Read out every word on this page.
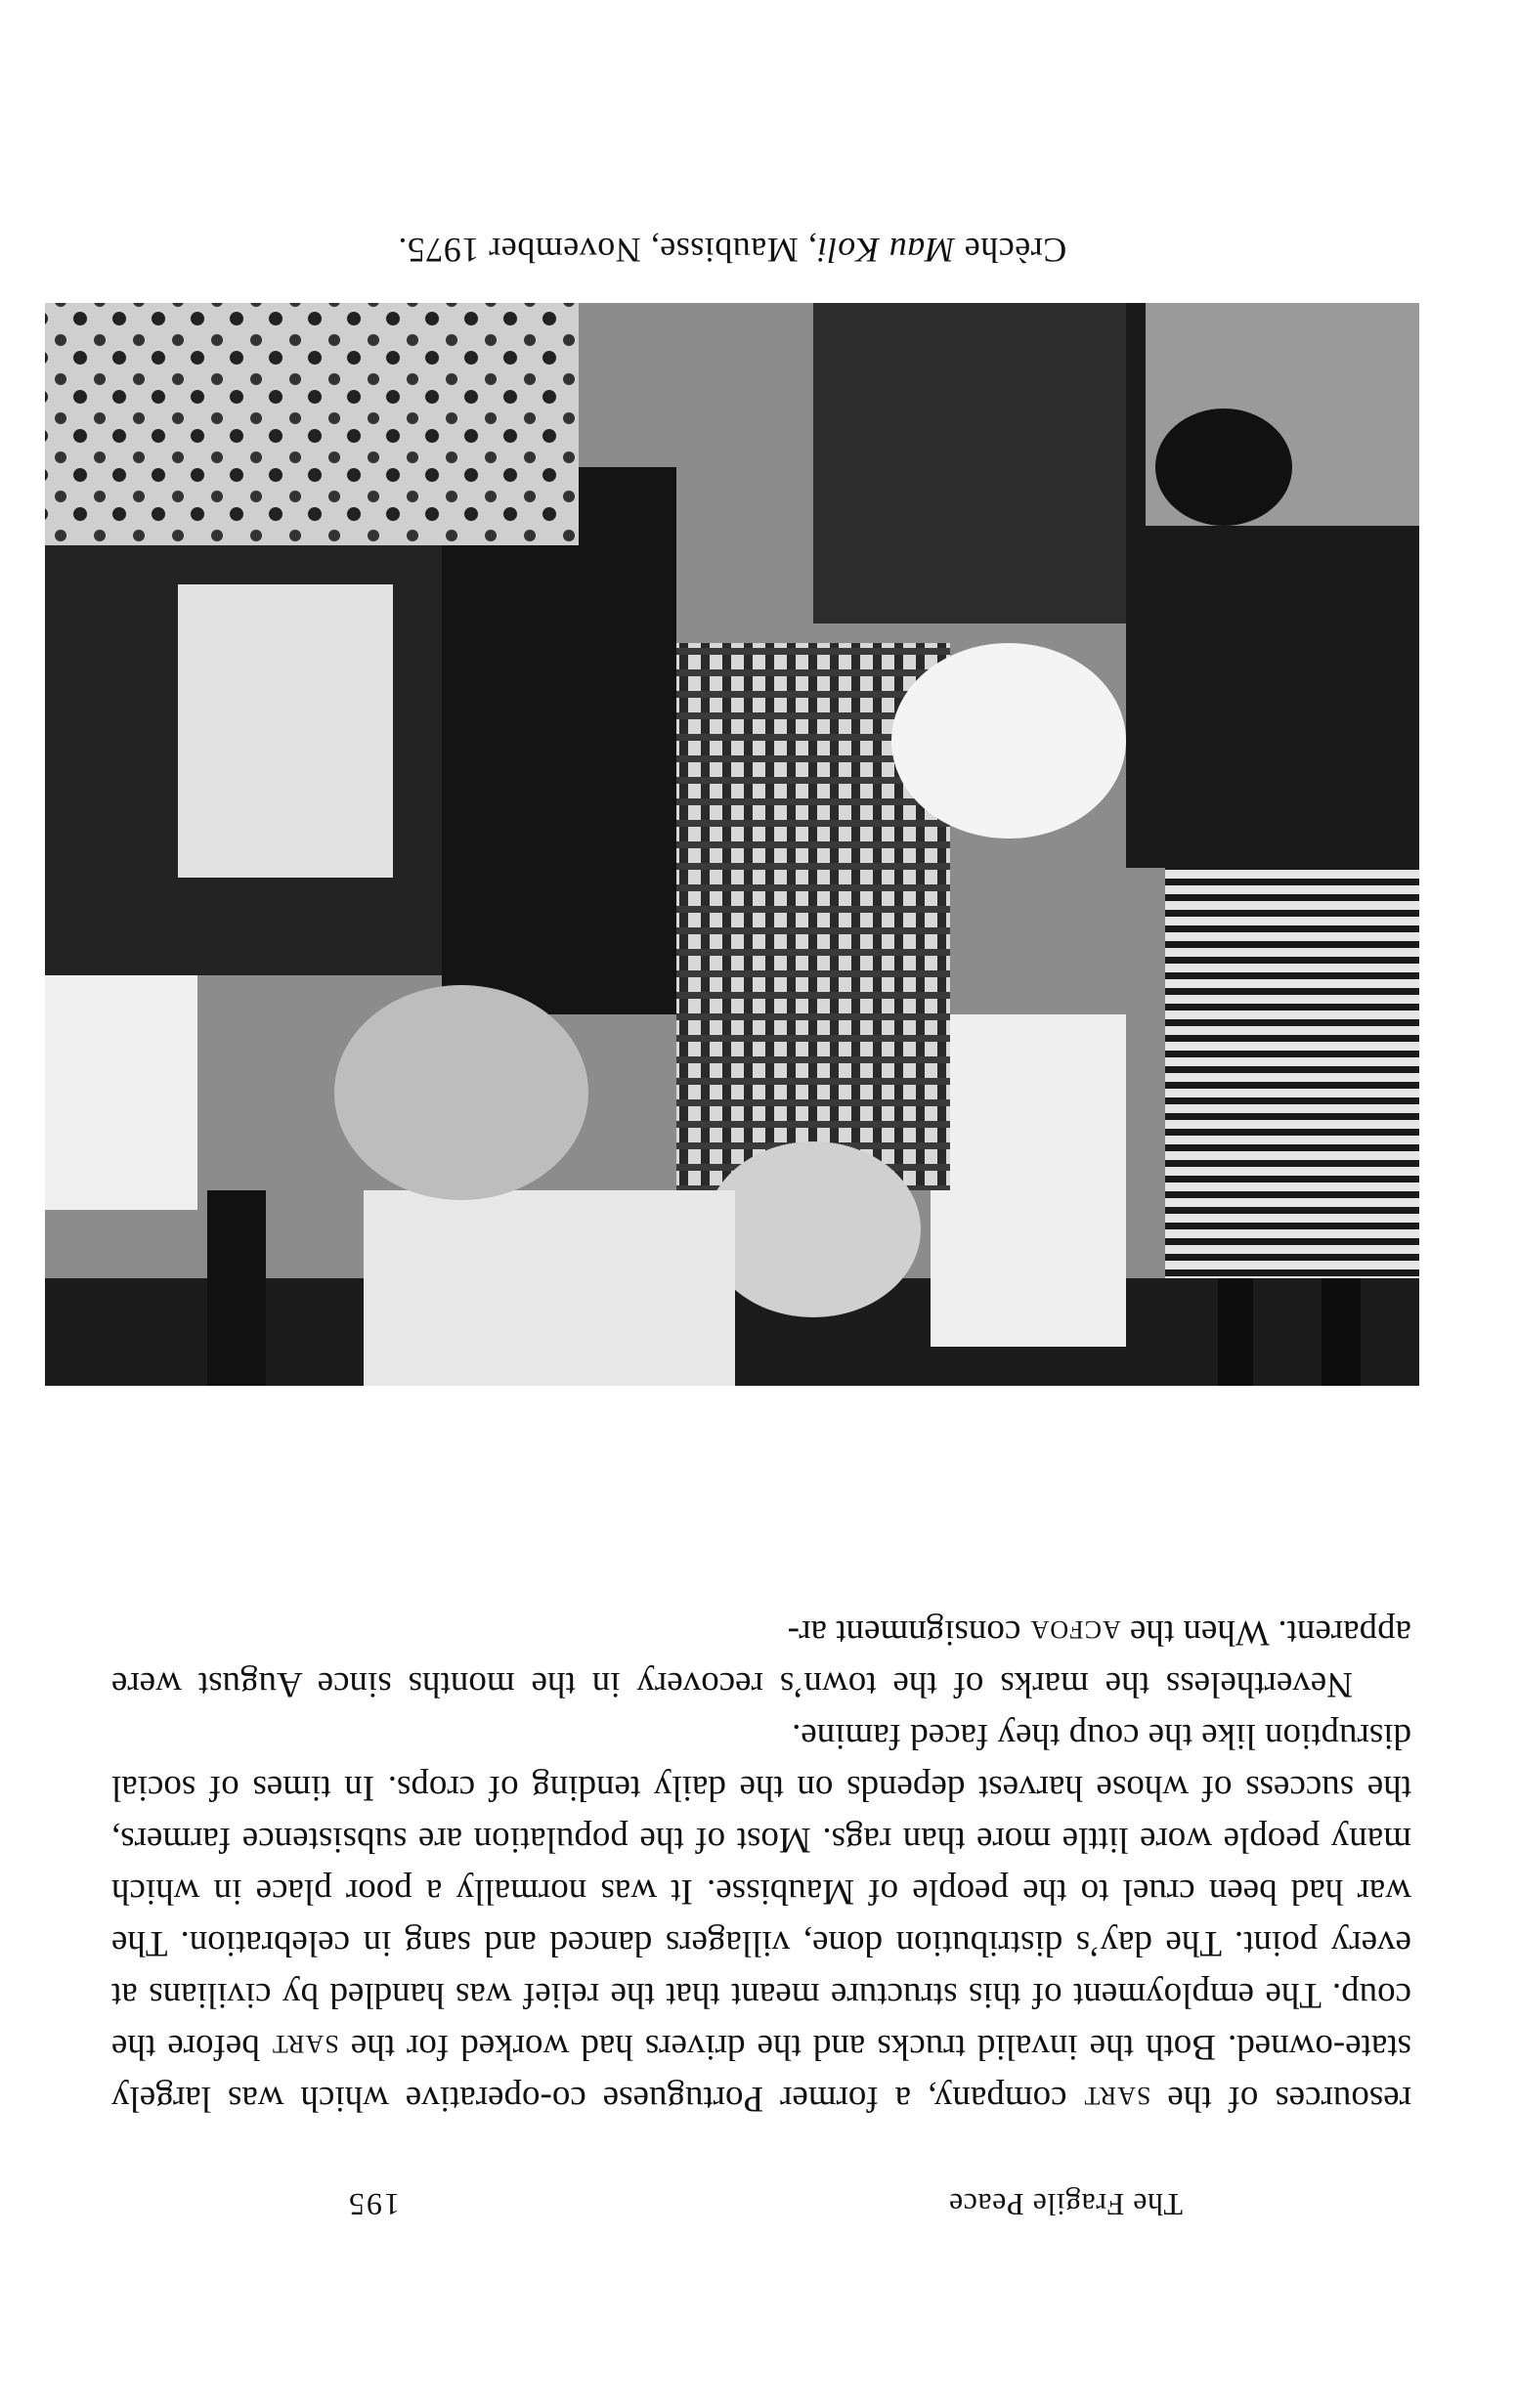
The Fragile Peace
195

resources of the sart company, a former Portuguese co-operative which was largely state-owned. Both the invalid trucks and the drivers had worked for the sart before the coup. The employment of this structure meant that the relief was handled by civilians at every point. The day’s distribution done, villagers danced and sang in celebration. The war had been cruel to the people of Maubisse. It was normally a poor place in which many people wore little more than rags. Most of the population are subsistence farmers, the success of whose harvest depends on the daily tending of crops. In times of social disruption like the coup they faced famine.

Nevertheless the marks of the town’s recovery in the months since August were apparent. When the acfoa consignment ar-

Crèche Mau Koli, Maubisse, November 1975.
